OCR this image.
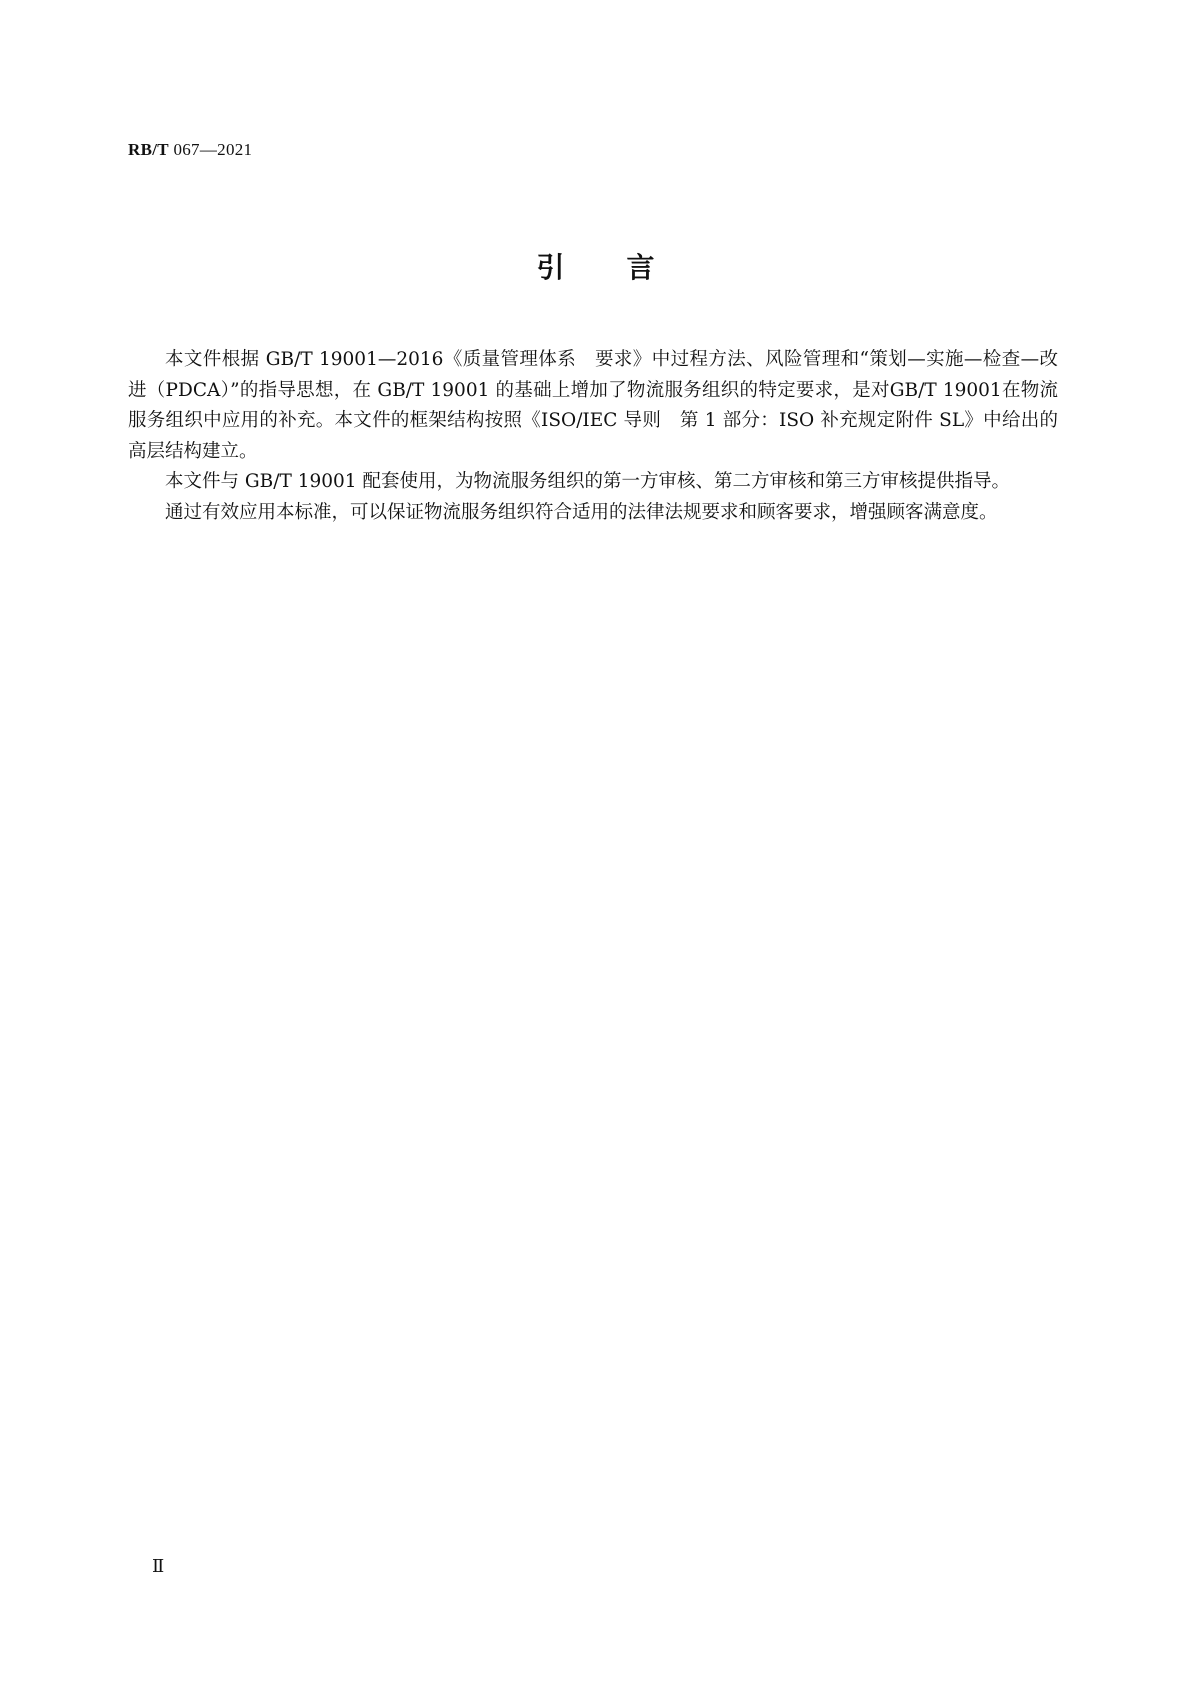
RB/T 067—2021
引 言

本文件根据 GB/T 19001—2016《质量管理体系　要求》中过程方法、风险管理和“策划—实施—检查—改进（PDCA）”的指导思想，在 GB/T 19001 的基础上增加了物流服务组织的特定要求，是对GB/T 19001在物流服务组织中应用的补充。本文件的框架结构按照《ISO/IEC 导则　第 1 部分：ISO 补充规定附件 SL》中给出的高层结构建立。

本文件与 GB/T 19001 配套使用，为物流服务组织的第一方审核、第二方审核和第三方审核提供指导。

通过有效应用本标准，可以保证物流服务组织符合适用的法律法规要求和顾客要求，增强顾客满意度。

Ⅱ
